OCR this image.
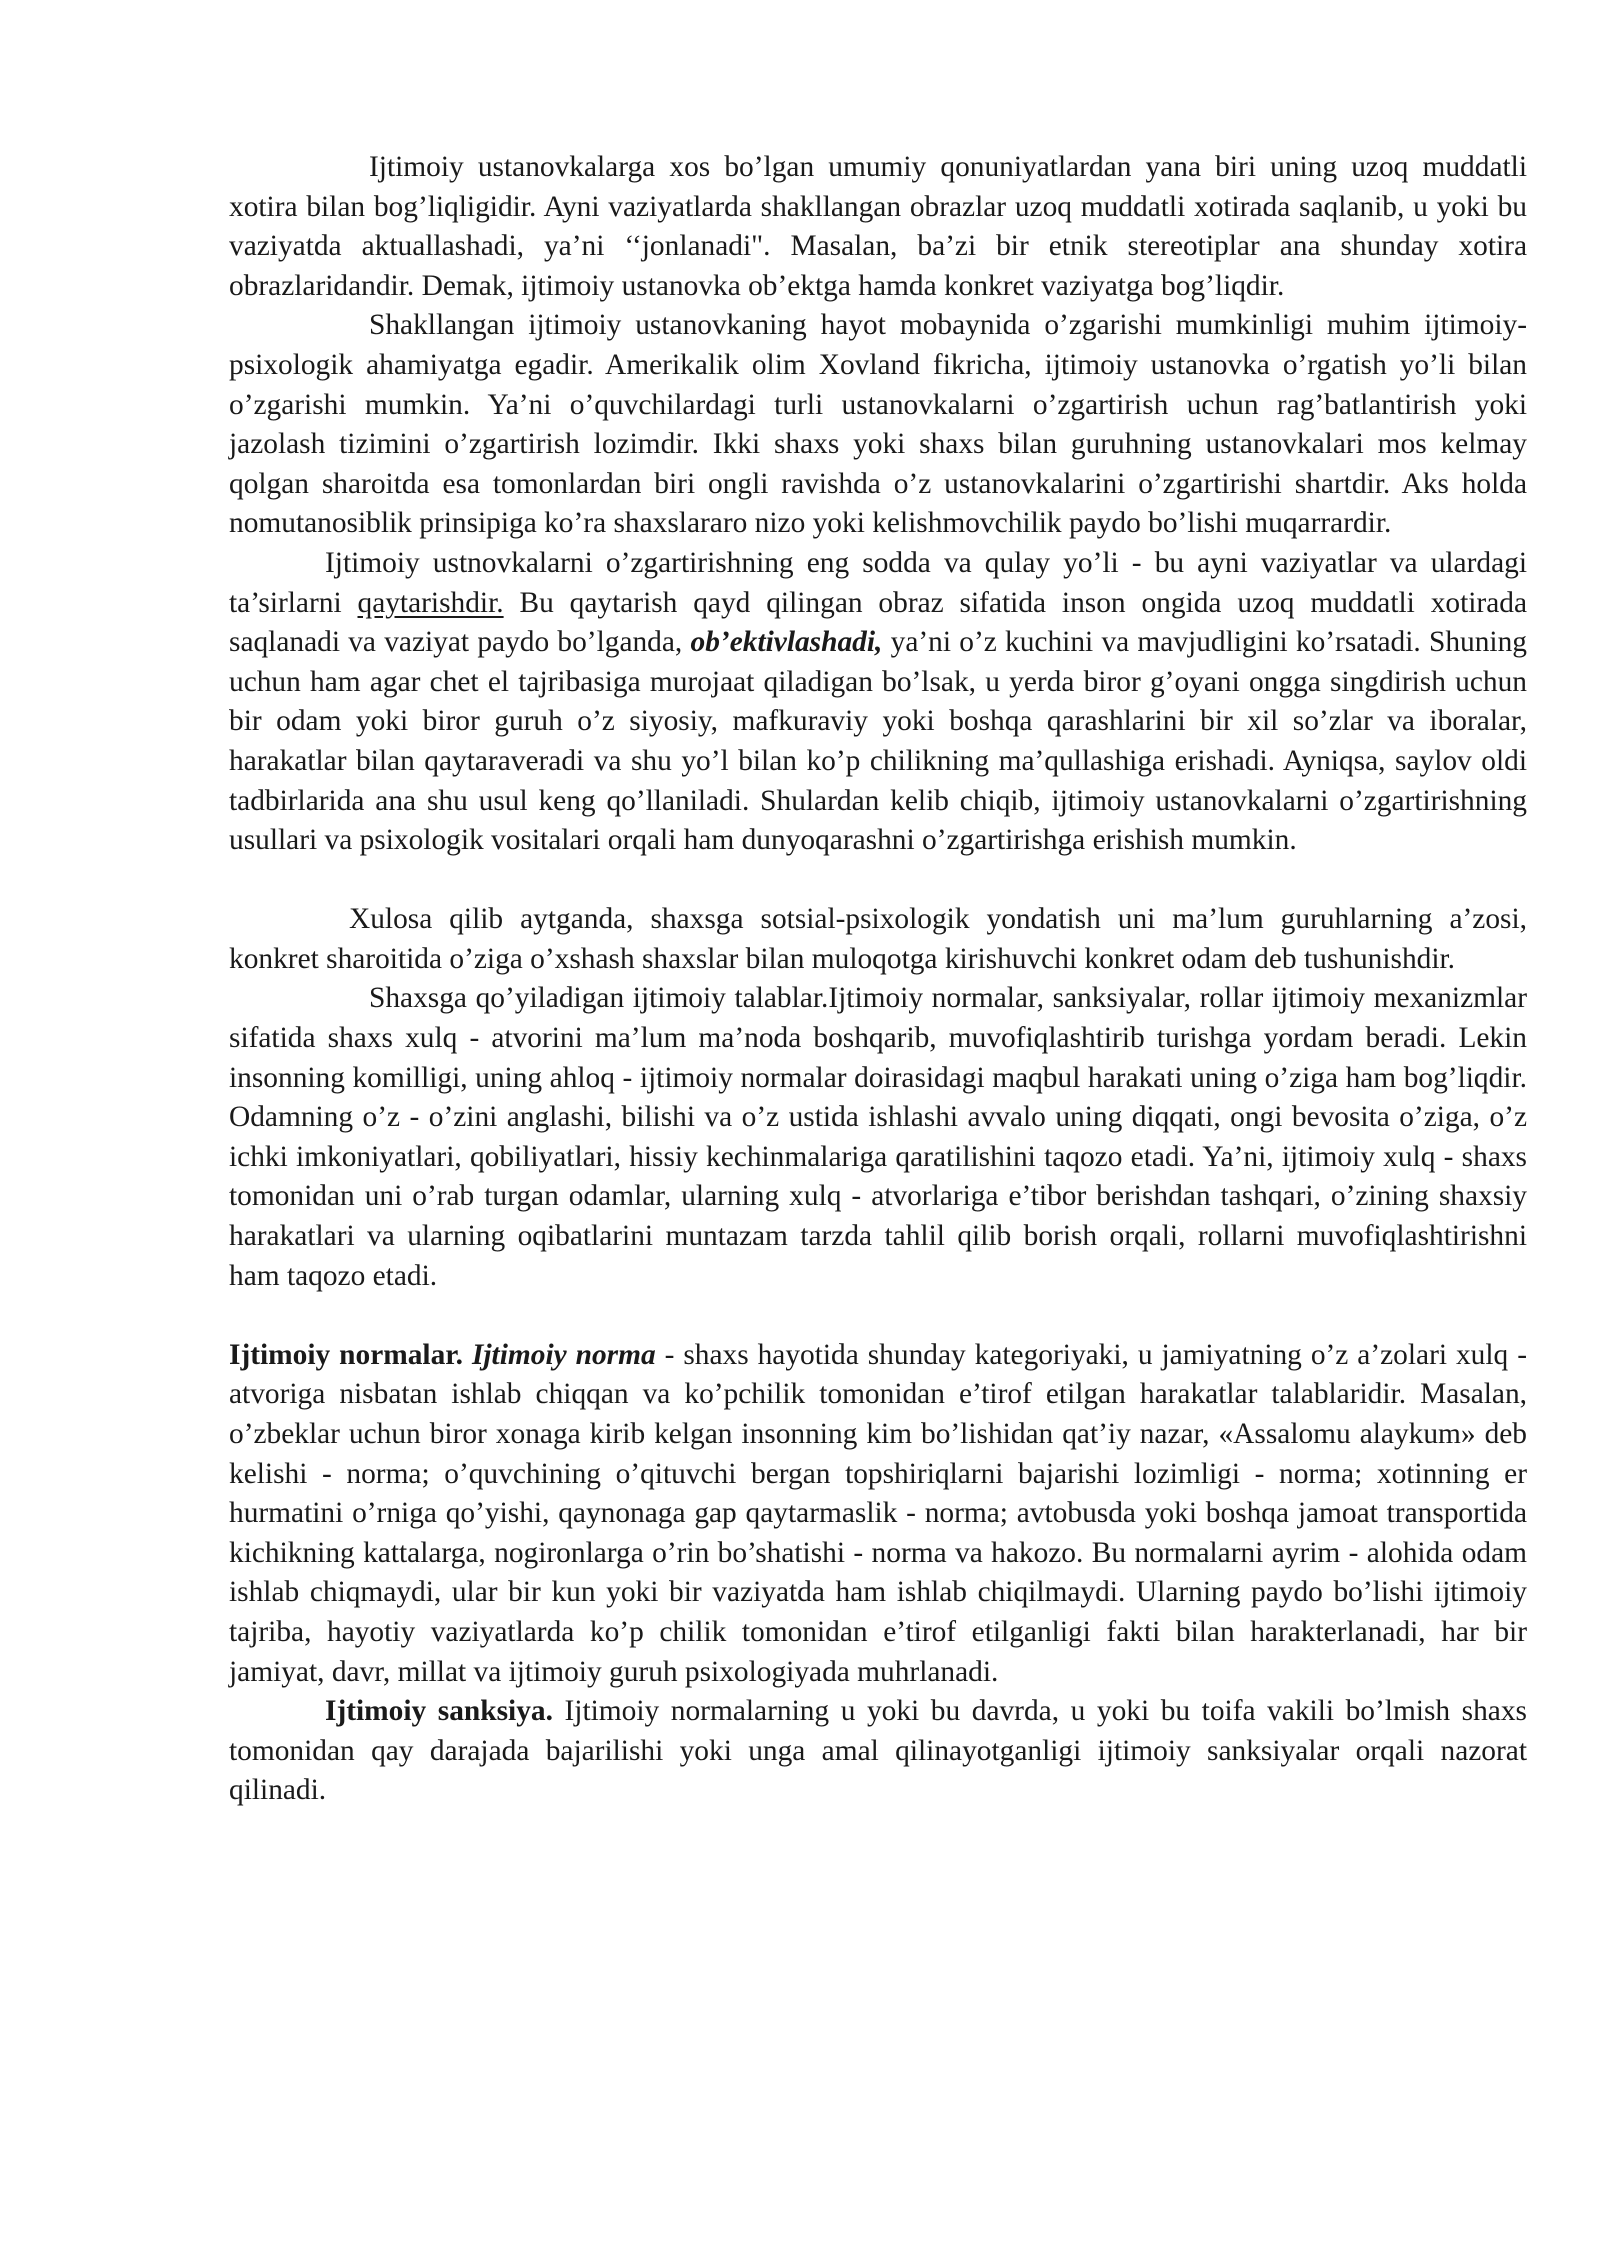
Ijtimoiy ustanovkalarga xos bo’lgan umumiy qonuniyatlardan yana biri uning uzoq muddatli xotira bilan bog’liqligidir. Ayni vaziyatlarda shakllangan obrazlar uzoq muddatli xotirada saqlanib, u yoki bu vaziyatda aktuallashadi, ya’ni ‘‘jonlanadi". Masalan, ba’zi bir etnik stereotiplar ana shunday xotira obrazlaridandir. Demak, ijtimoiy ustanovka ob’ektga hamda konkret vaziyatga bog’liqdir.

Shakllangan ijtimoiy ustanovkaning hayot mobaynida o’zgarishi mumkinligi muhim ijtimoiy-psixologik ahamiyatga egadir. Amerikalik olim Xovland fikricha, ijtimoiy ustanovka o’rgatish yo’li bilan o’zgarishi mumkin. Ya’ni o’quvchilardagi turli ustanovkalarni o’zgartirish uchun rag’batlantirish yoki jazolash tizimini o’zgartirish lozimdir. Ikki shaxs yoki shaxs bilan guruhning ustanovkalari mos kelmay qolgan sharoitda esa tomonlardan biri ongli ravishda o’z ustanovkalarini o’zgartirishi shartdir. Aks holda nomutanosiblik prinsipiga ko’ra shaxslararo nizo yoki kelishmovchilik paydo bo’lishi muqarrardir.

Ijtimoiy ustnovkalarni o’zgartirishning eng sodda va qulay yo’li - bu ayni vaziyatlar va ulardagi ta’sirlarni qaytarishdir. Bu qaytarish qayd qilingan obraz sifatida inson ongida uzoq muddatli xotirada saqlanadi va vaziyat paydo bo’lganda, ob’ektivlashadi, ya’ni o’z kuchini va mavjudligini ko’rsatadi. Shuning uchun ham agar chet el tajribasiga murojaat qiladigan bo’lsak, u yerda biror g’oyani ongga singdirish uchun bir odam yoki biror guruh o’z siyosiy, mafkuraviy yoki boshqa qarashlarini bir xil so’zlar va iboralar, harakatlar bilan qaytaraveradi va shu yo’l bilan ko’p chilikning ma’qullashiga erishadi. Ayniqsa, saylov oldi tadbirlarida ana shu usul keng qo’llaniladi. Shulardan kelib chiqib, ijtimoiy ustanovkalarni o’zgartirishning usullari va psixologik vositalari orqali ham dunyoqarashni o’zgartirishga erishish mumkin.

Xulosa qilib aytganda, shaxsga sotsial-psixologik yondatish uni ma’lum guruhlarning a’zosi, konkret sharoitida o’ziga o’xshash shaxslar bilan muloqotga kirishuvchi konkret odam deb tushunishdir.

Shaxsga qo’yiladigan ijtimoiy talablar.Ijtimoiy normalar, sanksiyalar, rollar ijtimoiy mexanizmlar sifatida shaxs xulq - atvorini ma’lum ma’noda boshqarib, muvofiqlashtirib turishga yordam beradi. Lekin insonning komilligi, uning ahloq - ijtimoiy normalar doirasidagi maqbul harakati uning o’ziga ham bog’liqdir. Odamning o’z - o’zini anglashi, bilishi va o’z ustida ishlashi avvalo uning diqqati, ongi bevosita o’ziga, o’z ichki imkoniyatlari, qobiliyatlari, hissiy kechinmalariga qaratilishini taqozo etadi. Ya’ni, ijtimoiy xulq - shaxs tomonidan uni o’rab turgan odamlar, ularning xulq - atvorlariga e’tibor berishdan tashqari, o’zining shaxsiy harakatlari va ularning oqibatlarini muntazam tarzda tahlil qilib borish orqali, rollarni muvofiqlashtirishni ham taqozo etadi.

Ijtimoiy normalar. Ijtimoiy norma - shaxs hayotida shunday kategoriyaki, u jamiyatning o’z a’zolari xulq - atvoriga nisbatan ishlab chiqqan va ko’pchilik tomonidan e’tirof etilgan harakatlar talablaridir. Masalan, o’zbeklar uchun biror xonaga kirib kelgan insonning kim bo’lishidan qat’iy nazar, «Assalomu alaykum» deb kelishi - norma; o’quvchining o’qituvchi bergan topshiriqlarni bajarishi lozimligi - norma; xotinning er hurmatini o’rniga qo’yishi, qaynonaga gap qaytarmaslik - norma; avtobusda yoki boshqa jamoat transportida kichikning kattalarga, nogironlarga o’rin bo’shatishi - norma va hakozo. Bu normalarni ayrim - alohida odam ishlab chiqmaydi, ular bir kun yoki bir vaziyatda ham ishlab chiqilmaydi. Ularning paydo bo’lishi ijtimoiy tajriba, hayotiy vaziyatlarda ko’p chilik tomonidan e’tirof etilganligi fakti bilan harakterlanadi, har bir jamiyat, davr, millat va ijtimoiy guruh psixologiyada muhrlanadi.

Ijtimoiy sanksiya. Ijtimoiy normalarning u yoki bu davrda, u yoki bu toifa vakili bo’lmish shaxs tomonidan qay darajada bajarilishi yoki unga amal qilinayotganligi ijtimoiy sanksiyalar orqali nazorat qilinadi.
